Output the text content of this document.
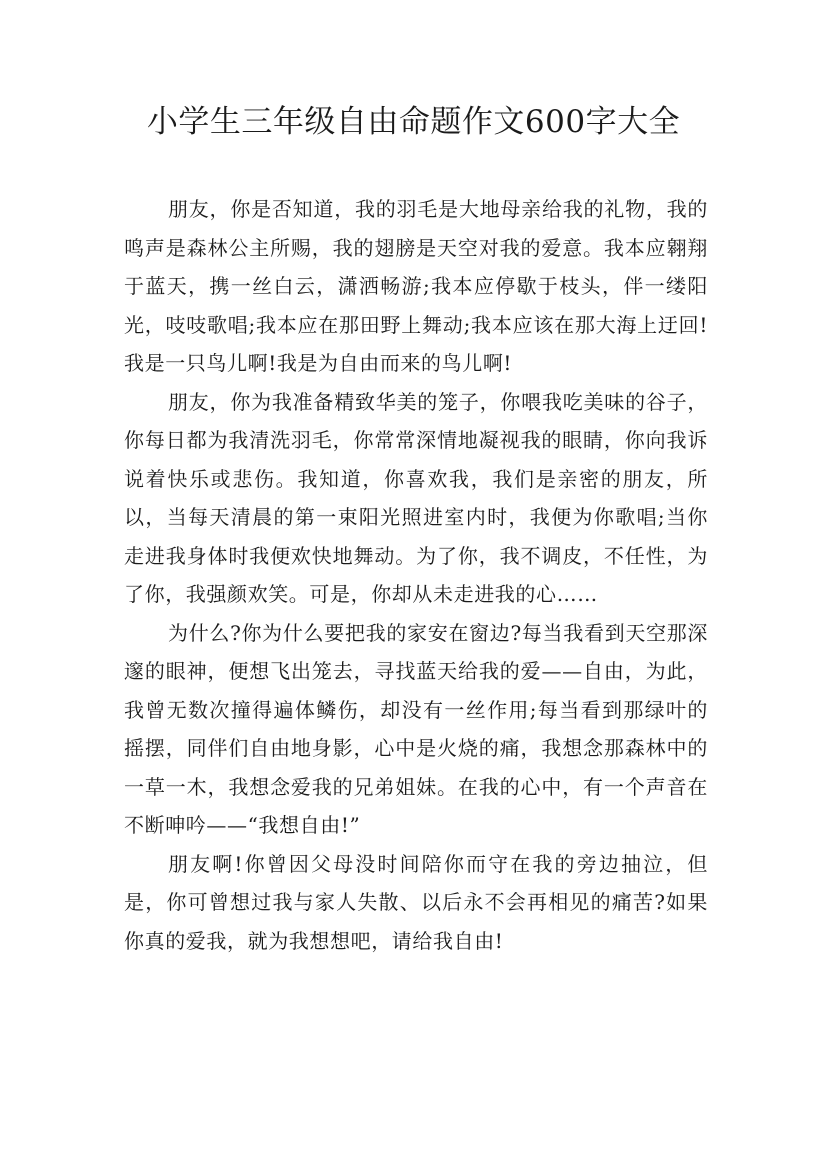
小学生三年级自由命题作文600字大全

朋友，你是否知道，我的羽毛是大地母亲给我的礼物，我的鸣声是森林公主所赐，我的翅膀是天空对我的爱意。我本应翱翔于蓝天，携一丝白云，潇洒畅游;我本应停歇于枝头，伴一缕阳光，吱吱歌唱;我本应在那田野上舞动;我本应该在那大海上迂回!我是一只鸟儿啊!我是为自由而来的鸟儿啊!

朋友，你为我准备精致华美的笼子，你喂我吃美味的谷子，你每日都为我清洗羽毛，你常常深情地凝视我的眼睛，你向我诉说着快乐或悲伤。我知道，你喜欢我，我们是亲密的朋友，所以，当每天清晨的第一束阳光照进室内时，我便为你歌唱;当你走进我身体时我便欢快地舞动。为了你，我不调皮，不任性，为了你，我强颜欢笑。可是，你却从未走进我的心……

为什么?你为什么要把我的家安在窗边?每当我看到天空那深邃的眼神，便想飞出笼去，寻找蓝天给我的爱——自由，为此，我曾无数次撞得遍体鳞伤，却没有一丝作用;每当看到那绿叶的摇摆，同伴们自由地身影，心中是火烧的痛，我想念那森林中的一草一木，我想念爱我的兄弟姐妹。在我的心中，有一个声音在不断呻吟——“我想自由!”

朋友啊!你曾因父母没时间陪你而守在我的旁边抽泣，但是，你可曾想过我与家人失散、以后永不会再相见的痛苦?如果你真的爱我，就为我想想吧，请给我自由!
